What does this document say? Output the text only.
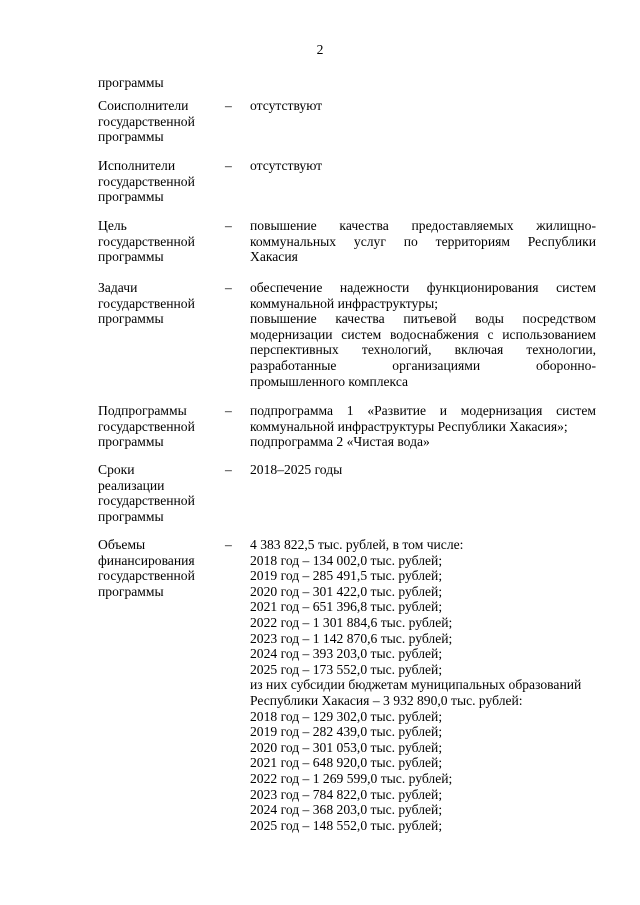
2
программы
Соисполнители
государственной
программы
– отсутствуют
Исполнители
государственной
программы
– отсутствуют
Цель
государственной
программы
– повышение качества предоставляемых жилищно-
коммунальных услуг по территориям Республики
Хакасия
Задачи
государственной
программы
– обеспечение надежности функционирования систем
коммунальной инфраструктуры;
повышение качества питьевой воды посредством
модернизации систем водоснабжения с использованием
перспективных технологий, включая технологии,
разработанные организациями оборонно-
промышленного комплекса
Подпрограммы
государственной
программы
– подпрограмма 1 «Развитие и модернизация систем
коммунальной инфраструктуры Республики Хакасия»;
подпрограмма 2 «Чистая вода»
Сроки
реализации
государственной
программы
– 2018–2025 годы
Объемы
финансирования
государственной
программы
– 4 383 822,5 тыс. рублей, в том числе:
2018 год – 134 002,0 тыс. рублей;
2019 год – 285 491,5 тыс. рублей;
2020 год – 301 422,0 тыс. рублей;
2021 год – 651 396,8 тыс. рублей;
2022 год – 1 301 884,6 тыс. рублей;
2023 год – 1 142 870,6 тыс. рублей;
2024 год – 393 203,0 тыс. рублей;
2025 год – 173 552,0 тыс. рублей;
из них субсидии бюджетам муниципальных образований
Республики Хакасия – 3 932 890,0 тыс. рублей:
2018 год – 129 302,0 тыс. рублей;
2019 год – 282 439,0 тыс. рублей;
2020 год – 301 053,0 тыс. рублей;
2021 год – 648 920,0 тыс. рублей;
2022 год – 1 269 599,0 тыс. рублей;
2023 год – 784 822,0 тыс. рублей;
2024 год – 368 203,0 тыс. рублей;
2025 год – 148 552,0 тыс. рублей;
